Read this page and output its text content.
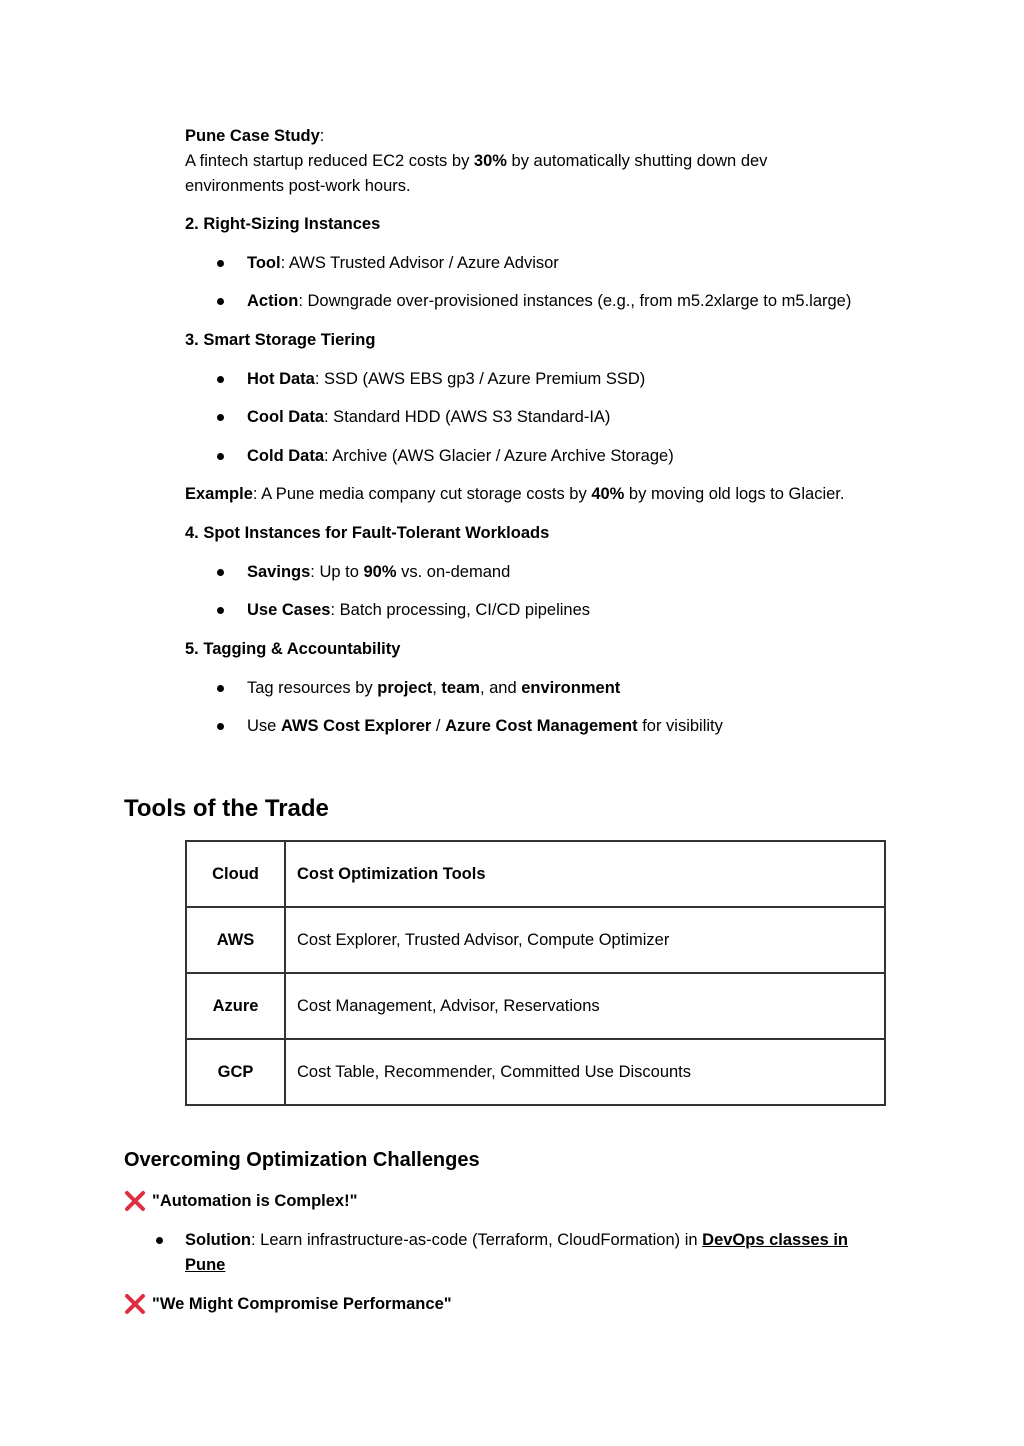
Pune Case Study:
A fintech startup reduced EC2 costs by 30% by automatically shutting down dev
environments post-work hours.
2. Right-Sizing Instances
Tool: AWS Trusted Advisor / Azure Advisor
Action: Downgrade over-provisioned instances (e.g., from m5.2xlarge to m5.large)
3. Smart Storage Tiering
Hot Data: SSD (AWS EBS gp3 / Azure Premium SSD)
Cool Data: Standard HDD (AWS S3 Standard-IA)
Cold Data: Archive (AWS Glacier / Azure Archive Storage)
Example: A Pune media company cut storage costs by 40% by moving old logs to Glacier.
4. Spot Instances for Fault-Tolerant Workloads
Savings: Up to 90% vs. on-demand
Use Cases: Batch processing, CI/CD pipelines
5. Tagging & Accountability
Tag resources by project, team, and environment
Use AWS Cost Explorer / Azure Cost Management for visibility
Tools of the Trade
Cloud	Cost Optimization Tools
AWS	Cost Explorer, Trusted Advisor, Compute Optimizer
Azure	Cost Management, Advisor, Reservations
GCP	Cost Table, Recommender, Committed Use Discounts
Overcoming Optimization Challenges
"Automation is Complex!"
Solution: Learn infrastructure-as-code (Terraform, CloudFormation) in DevOps classes in
Pune
"We Might Compromise Performance"
